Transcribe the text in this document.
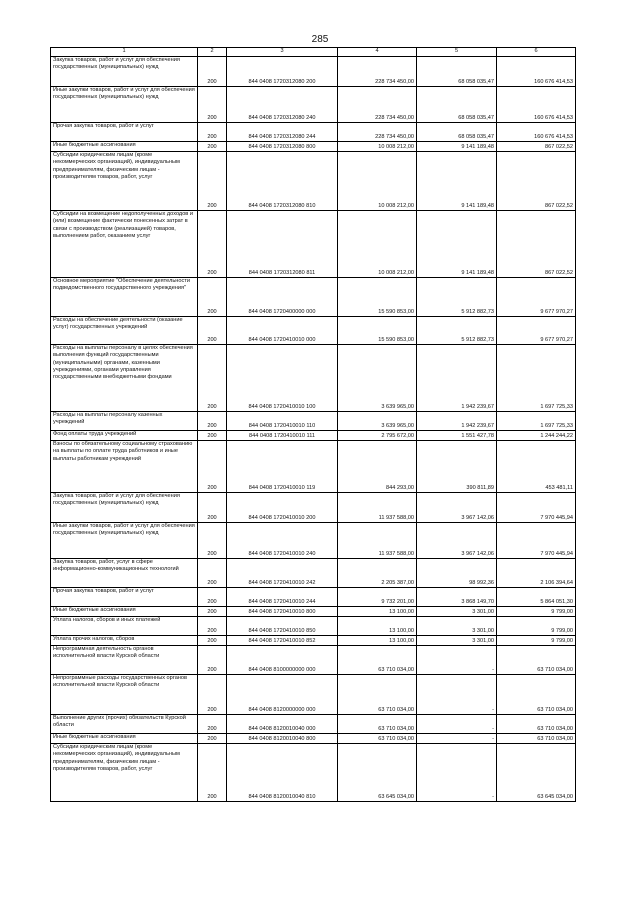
285
1	2	3	4	5	6
Закупка товаров, работ и услуг для обеспечения государственных (муниципальных) нужд	200	844 0408 1720312080 200	228 734 450,00	68 058 035,47	160 676 414,53
Иные закупки товаров, работ и услуг для обеспечения государственных (муниципальных) нужд	200	844 0408 1720312080 240	228 734 450,00	68 058 035,47	160 676 414,53
Прочая закупка товаров, работ и услуг	200	844 0408 1720312080 244	228 734 450,00	68 058 035,47	160 676 414,53
Иные бюджетные ассигнования	200	844 0408 1720312080 800	10 008 212,00	9 141 189,48	867 022,52
Субсидии юридическим лицам (кроме некоммерческих организаций), индивидуальным предпринимателям, физическим лицам - производителям товаров, работ, услуг	200	844 0408 1720312080 810	10 008 212,00	9 141 189,48	867 022,52
Субсидии на возмещение недополученных доходов и (или) возмещение фактически понесенных затрат в связи с производством (реализацией) товаров, выполнением работ, оказанием услуг	200	844 0408 1720312080 811	10 008 212,00	9 141 189,48	867 022,52
Основное мероприятие "Обеспечение деятельности подведомственного государственного учреждения"	200	844 0408 1720400000 000	15 590 853,00	5 912 882,73	9 677 970,27
Расходы на обеспечение деятельности (оказание услуг) государственных учреждений	200	844 0408 1720410010 000	15 590 853,00	5 912 882,73	9 677 970,27
Расходы на выплаты персоналу в целях обеспечения выполнения функций государственными (муниципальными) органами, казенными учреждениями, органами управления государственными внебюджетными фондами	200	844 0408 1720410010 100	3 639 965,00	1 942 239,67	1 697 725,33
Расходы на выплаты персоналу казенных учреждений	200	844 0408 1720410010 110	3 639 965,00	1 942 239,67	1 697 725,33
Фонд оплаты труда учреждений	200	844 0408 1720410010 111	2 795 672,00	1 551 427,78	1 244 244,22
Взносы по обязательному социальному страхованию на выплаты по оплате труда работников и иные выплаты работникам учреждений	200	844 0408 1720410010 119	844 293,00	390 811,89	453 481,11
Закупка товаров, работ и услуг для обеспечения государственных (муниципальных) нужд	200	844 0408 1720410010 200	11 937 588,00	3 967 142,06	7 970 445,94
Иные закупки товаров, работ и услуг для обеспечения государственных (муниципальных) нужд	200	844 0408 1720410010 240	11 937 588,00	3 967 142,06	7 970 445,94
Закупка товаров, работ, услуг в сфере информационно-коммуникационных технологий	200	844 0408 1720410010 242	2 205 387,00	98 992,36	2 106 394,64
Прочая закупка товаров, работ и услуг	200	844 0408 1720410010 244	9 732 201,00	3 868 149,70	5 864 051,30
Иные бюджетные ассигнования	200	844 0408 1720410010 800	13 100,00	3 301,00	9 799,00
Уплата налогов, сборов и иных платежей	200	844 0408 1720410010 850	13 100,00	3 301,00	9 799,00
Уплата прочих налогов, сборов	200	844 0408 1720410010 852	13 100,00	3 301,00	9 799,00
Непрограммная деятельность органов исполнительной власти Курской области	200	844 0408 8100000000 000	63 710 034,00	-	63 710 034,00
Непрограммные расходы государственных органов исполнительной власти Курской области	200	844 0408 8120000000 000	63 710 034,00	-	63 710 034,00
Выполнение других (прочих) обязательств Курской области	200	844 0408 8120010040 000	63 710 034,00	-	63 710 034,00
Иные бюджетные ассигнования	200	844 0408 8120010040 800	63 710 034,00	-	63 710 034,00
Субсидии юридическим лицам (кроме некоммерческих организаций), индивидуальным предпринимателям, физическим лицам - производителям товаров, работ, услуг	200	844 0408 8120010040 810	63 645 034,00	-	63 645 034,00
